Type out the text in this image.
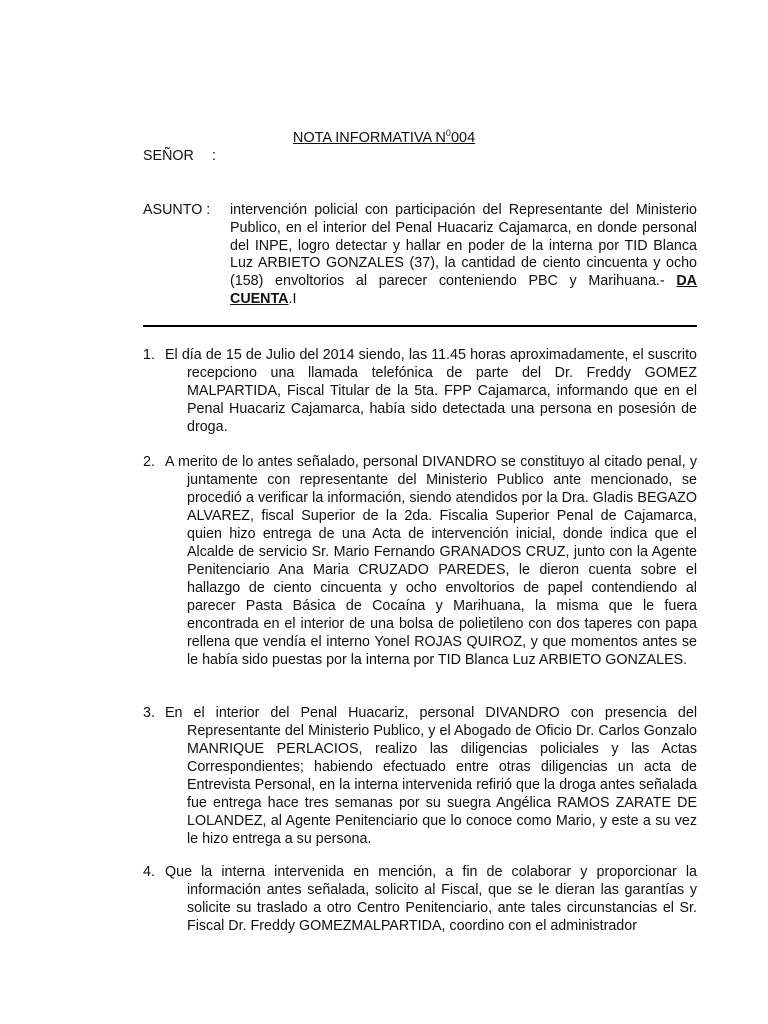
NOTA INFORMATIVA $N^0004$
SEÑOR :
ASUNTO : intervención policial con participación del Representante del Ministerio Publico, en el interior del Penal Huacariz Cajamarca, en donde personal del INPE, logro detectar y hallar en poder de la interna por TID Blanca Luz ARBIETO GONZALES (37), la cantidad de ciento cincuenta y ocho (158) envoltorios al parecer conteniendo PBC y Marihuana.- DA CUENTA.I
1. El día de 15 de Julio del 2014 siendo, las 11.45 horas aproximadamente, el suscrito recepciono una llamada telefónica de parte del Dr. Freddy GOMEZ MALPARTIDA, Fiscal Titular de la 5ta. FPP Cajamarca, informando que en el Penal Huacariz Cajamarca, había sido detectada una persona en posesión de droga.
2. A merito de lo antes señalado, personal DIVANDRO se constituyo al citado penal, y juntamente con representante del Ministerio Publico ante mencionado, se procedió a verificar la información, siendo atendidos por la Dra. Gladis BEGAZO ALVAREZ, fiscal Superior de la 2da. Fiscalia Superior Penal de Cajamarca, quien hizo entrega de una Acta de intervención inicial, donde indica que el Alcalde de servicio Sr. Mario Fernando GRANADOS CRUZ, junto con la Agente Penitenciario Ana Maria CRUZADO PAREDES, le dieron cuenta sobre el hallazgo de ciento cincuenta y ocho envoltorios de papel contendiendo al parecer Pasta Básica de Cocaína y Marihuana, la misma que le fuera encontrada en el interior de una bolsa de polietileno con dos taperes con papa rellena que vendía el interno Yonel ROJAS QUIROZ, y que momentos antes se le había sido puestas por la interna por TID Blanca Luz ARBIETO GONZALES.
3. En el interior del Penal Huacariz, personal DIVANDRO con presencia del Representante del Ministerio Publico, y el Abogado de Oficio Dr. Carlos Gonzalo MANRIQUE PERLACIOS, realizo las diligencias policiales y las Actas Correspondientes; habiendo efectuado entre otras diligencias un acta de Entrevista Personal, en la interna intervenida refirió que la droga antes señalada fue entrega hace tres semanas por su suegra Angélica RAMOS ZARATE DE LOLANDEZ, al Agente Penitenciario que lo conoce como Mario, y este a su vez le hizo entrega a su persona.
4. Que la interna intervenida en mención, a fin de colaborar y proporcionar la información antes señalada, solicito al Fiscal, que se le dieran las garantías y solicite su traslado a otro Centro Penitenciario, ante tales circunstancias el Sr. Fiscal Dr. Freddy GOMEZMALPARTIDA, coordino con el administrador
